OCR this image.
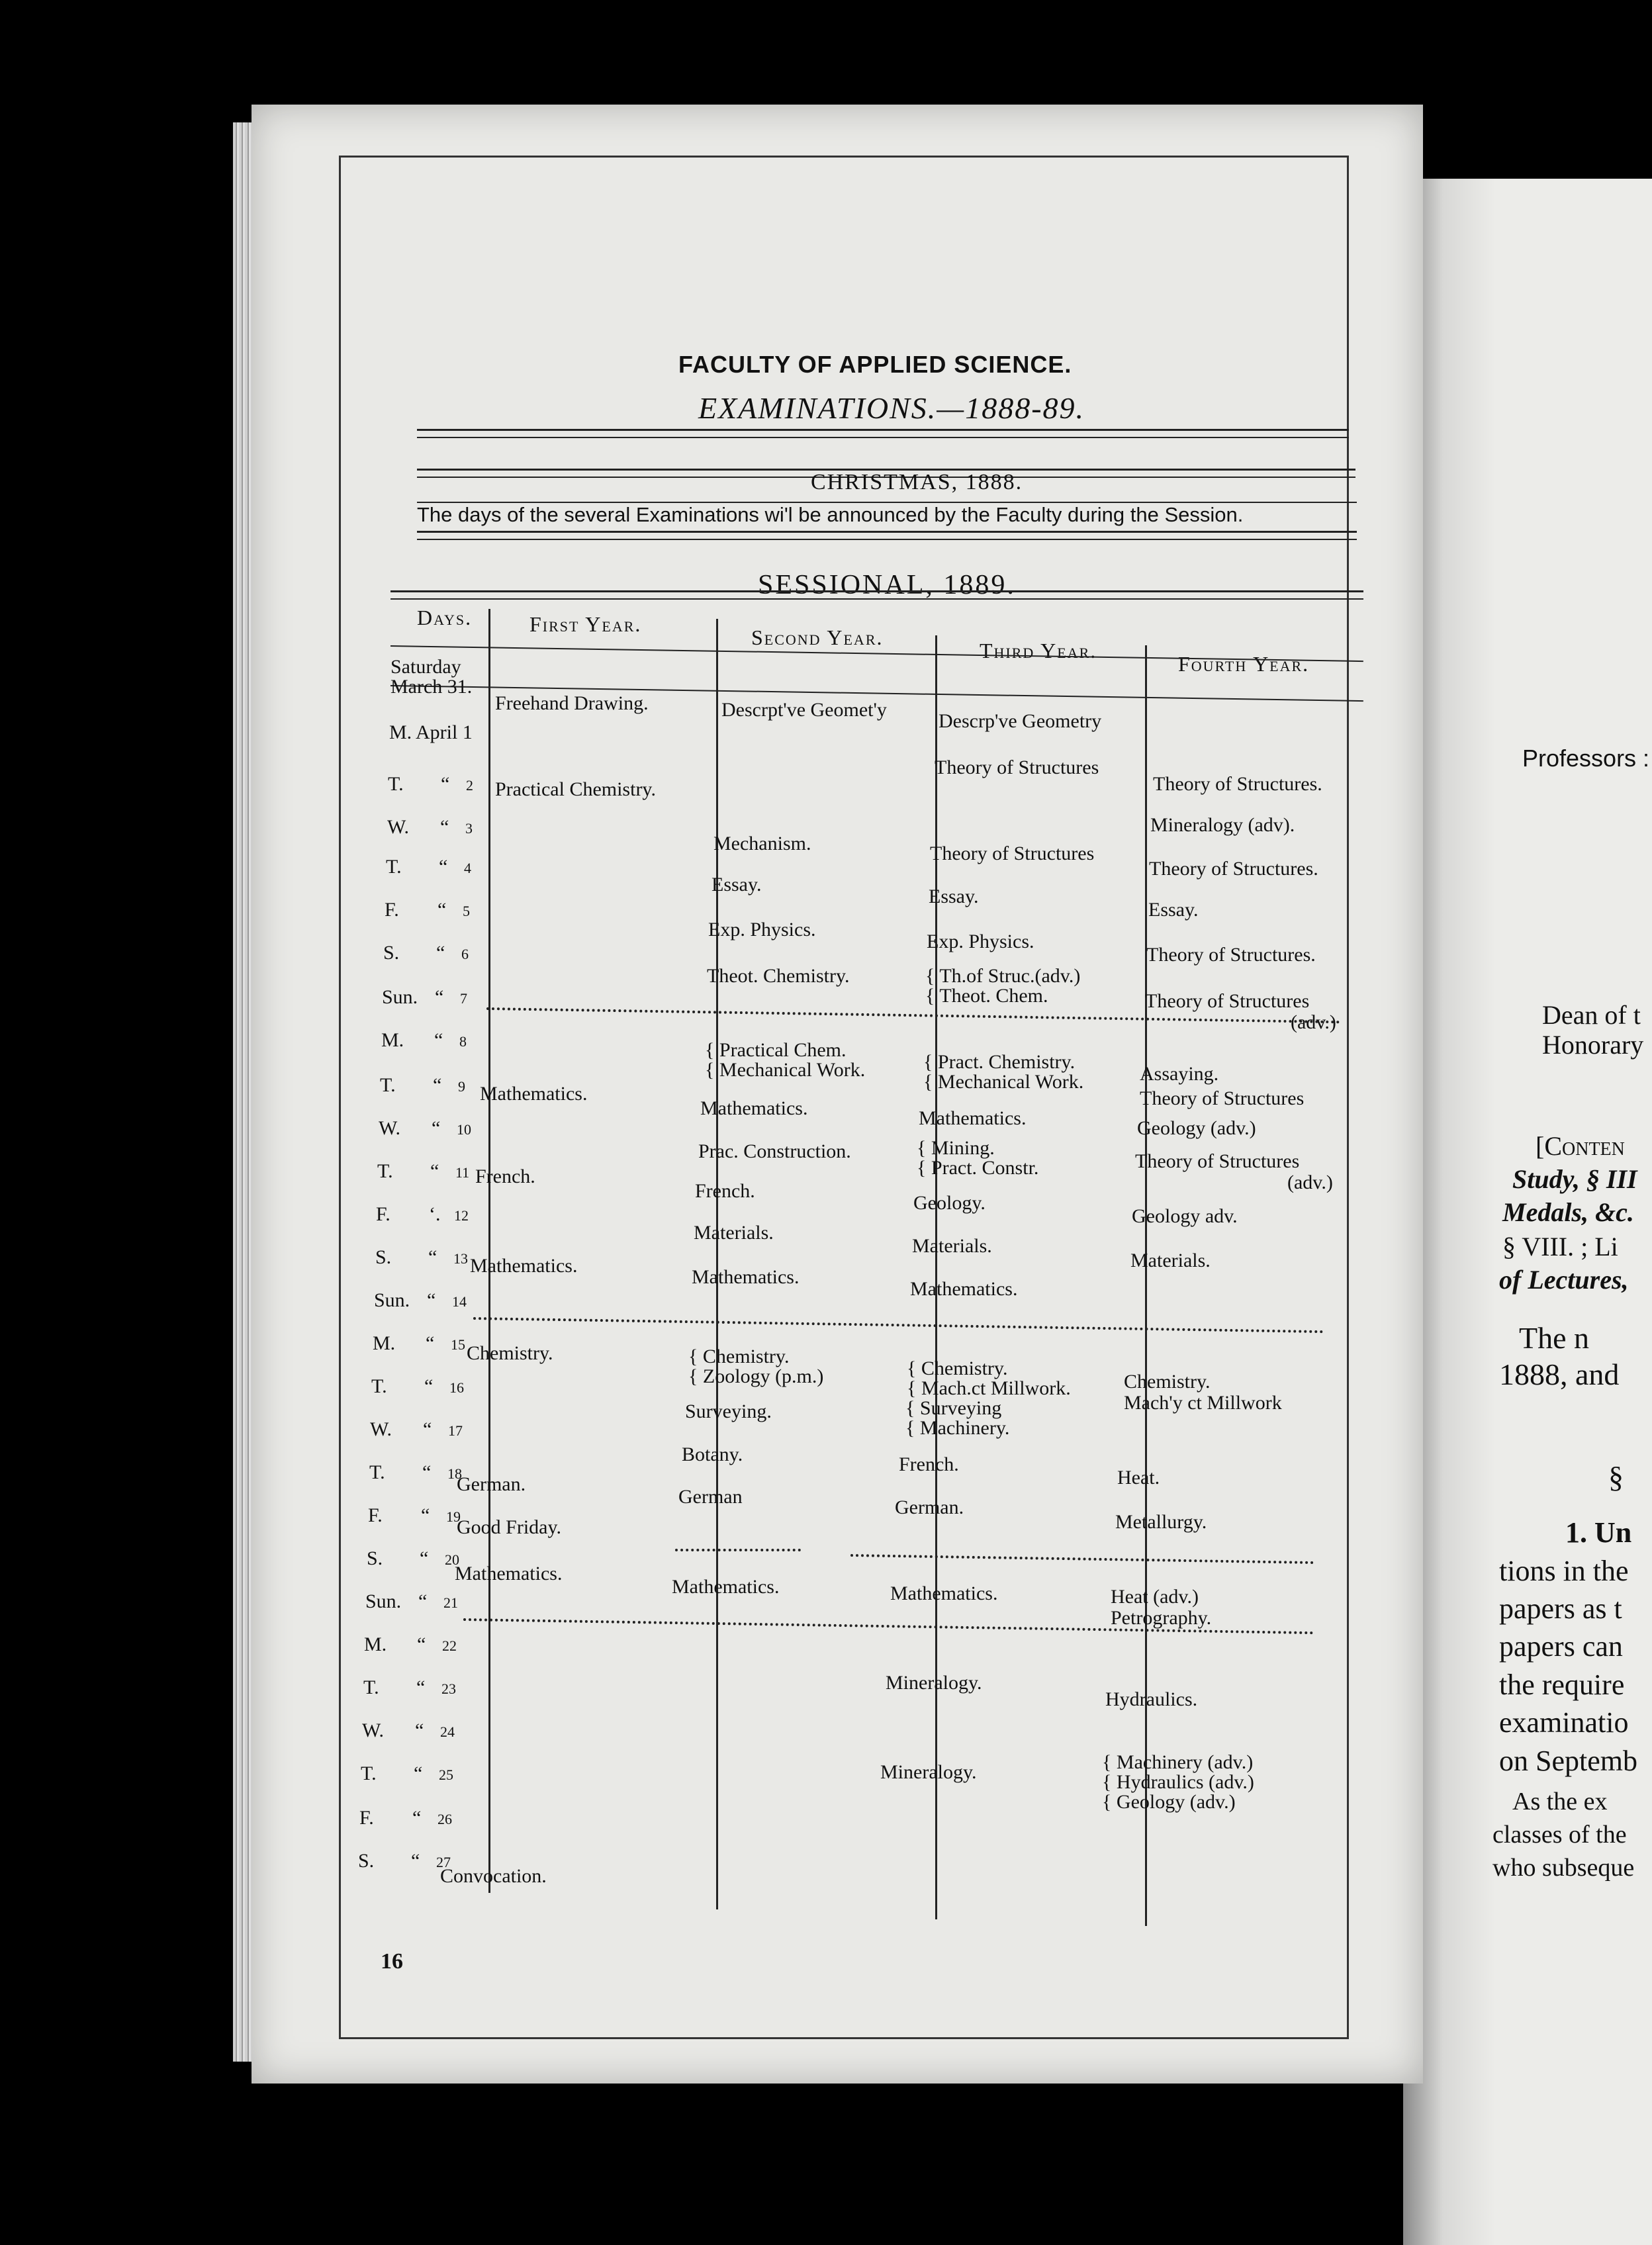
FACULTY OF APPLIED SCIENCE.
EXAMINATIONS.—1888-89.
CHRISTMAS, 1888.
The days of the several Examinations wi'l be announced by the Faculty during the Session.
SESSIONAL, 1889.
Days.	First Year.
Second Year.
Third Year.
Fourth Year.
Saturday
March 31.
M. April 1
T. “ 2
W. “ 3
T. “ 4
F. “ 5
S. “ 6
Sun. “ 7
M. “ 8
T. “ 9
W. “ 10
T. “ 11
F. ‘. 12
S. “ 13
Sun. “ 14
M. “ 15
T. “ 16
W. “ 17
T. “ 18
F. “ 19
S. “ 20
Sun. “ 21
M. “ 22
T. “ 23
W. “ 24
T. “ 25
F. “ 26
S. “ 27
Freehand Drawing.
Practical Chemistry.
Mathematics.
French.
Mathematics.
Chemistry.
German.
Good Friday.
Mathematics.
Convocation.
Descrpt've Geomet'y
Mechanism.
Essay.
Exp. Physics.
Theot. Chemistry.
{ Practical Chem.
{ Mechanical Work.
Mathematics.
Prac. Construction.
French.
Materials.
Mathematics.
{ Chemistry.
{ Zoology (p.m.)
Surveying.
Botany.
German
Mathematics.
Descrp've Geometry
Theory of Structures
Theory of Structures
Essay.
Exp. Physics.
{ Th.of Struc.(adv.)
{ Theot. Chem.
{ Pract. Chemistry.
{ Mechanical Work.
Mathematics.
{ Mining.
{ Pract. Constr.
Geology.
Materials.
Mathematics.
{ Chemistry.
{ Mach.ct Millwork.
{ Surveying
{ Machinery.
French.
German.
Mathematics.
Mineralogy.
Mineralogy.
Theory of Structures.
Mineralogy (adv).
Theory of Structures.
Essay.
Theory of Structures.
Theory of Structures
(adv.)
Assaying.
Theory of Structures
Geology (adv.)
Theory of Structures
(adv.)
Geology adv.
Materials.
Chemistry.
Mach'y ct Millwork
Heat.
Metallurgy.
Heat (adv.)
Petrography.
Hydraulics.
{ Machinery (adv.)
{ Hydraulics (adv.)
{ Geology (adv.)
16
Professors :
Dean of t
Honorary
[Conten
Study, § III
Medals, &c.
§ VIII. ; Li
of Lectures,
The n
1888, and
§
1. Un
tions in the
papers as t
papers can
the require
examinatio
on Septemb
As the ex
classes of the
who subseque
